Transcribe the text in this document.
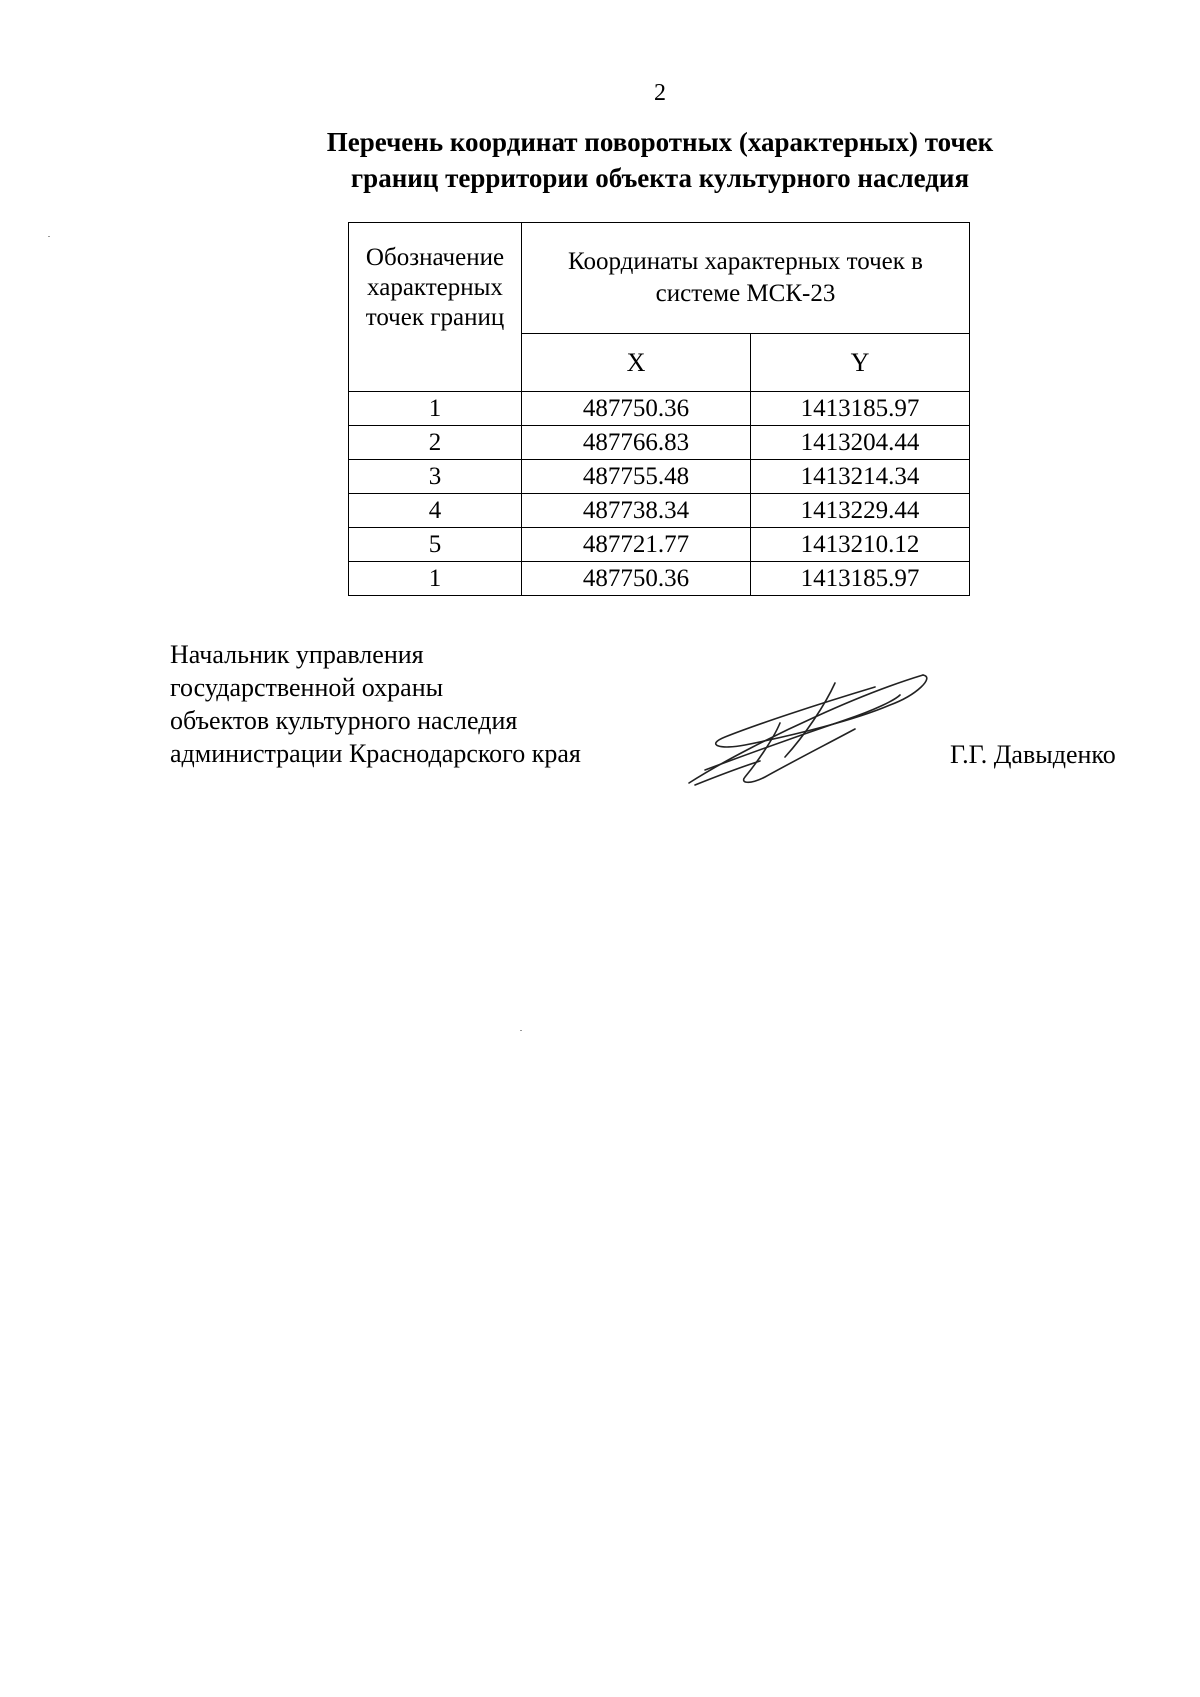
2
Перечень координат поворотных (характерных) точек
границ территории объекта культурного наследия
Обозначение характерных точек границ	Координаты характерных точек в системе МСК-23	
	X	Y
1	487750.36	1413185.97
2	487766.83	1413204.44
3	487755.48	1413214.34
4	487738.34	1413229.44
5	487721.77	1413210.12
1	487750.36	1413185.97
Начальник управления
государственной охраны
объектов культурного наследия
администрации Краснодарского края	Г.Г. Давыденко
